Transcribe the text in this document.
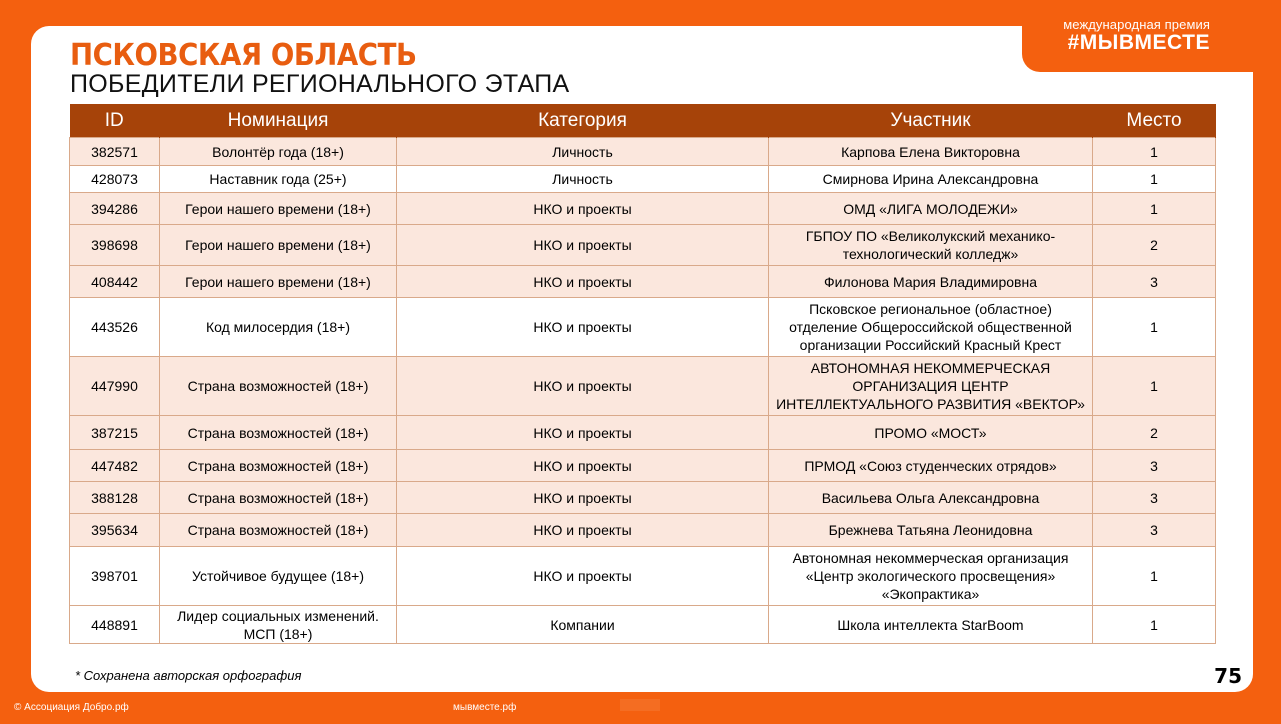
международная премия
#МЫВМЕСТЕ
ПСКОВСКАЯ ОБЛАСТЬ
ПОБЕДИТЕЛИ РЕГИОНАЛЬНОГО ЭТАПА
ID	Номинация	Категория	Участник	Место
382571	Волонтёр года (18+)	Личность	Карпова Елена Викторовна	1
428073	Наставник года (25+)	Личность	Смирнова Ирина Александровна	1
394286	Герои нашего времени (18+)	НКО и проекты	ОМД «ЛИГА МОЛОДЕЖИ»	1
398698	Герои нашего времени (18+)	НКО и проекты	ГБПОУ ПО «Великолукский механико-технологический колледж»	2
408442	Герои нашего времени (18+)	НКО и проекты	Филонова Мария Владимировна	3
443526	Код милосердия (18+)	НКО и проекты	Псковское региональное (областное) отделение Общероссийской общественной организации Российский Красный Крест	1
447990	Страна возможностей (18+)	НКО и проекты	АВТОНОМНАЯ НЕКОММЕРЧЕСКАЯ ОРГАНИЗАЦИЯ ЦЕНТР ИНТЕЛЛЕКТУАЛЬНОГО РАЗВИТИЯ «ВЕКТОР»	1
387215	Страна возможностей (18+)	НКО и проекты	ПРОМО «МОСТ»	2
447482	Страна возможностей (18+)	НКО и проекты	ПРМОД «Союз студенческих отрядов»	3
388128	Страна возможностей (18+)	НКО и проекты	Васильева Ольга Александровна	3
395634	Страна возможностей (18+)	НКО и проекты	Брежнева Татьяна Леонидовна	3
398701	Устойчивое будущее (18+)	НКО и проекты	Автономная некоммерческая организация «Центр экологического просвещения» «Экопрактика»	1
448891	Лидер социальных изменений. МСП (18+)	Компании	Школа интеллекта StarBoom	1
* Сохранена авторская орфография	75
© Ассоциация Добро.рф	мывместе.рф
